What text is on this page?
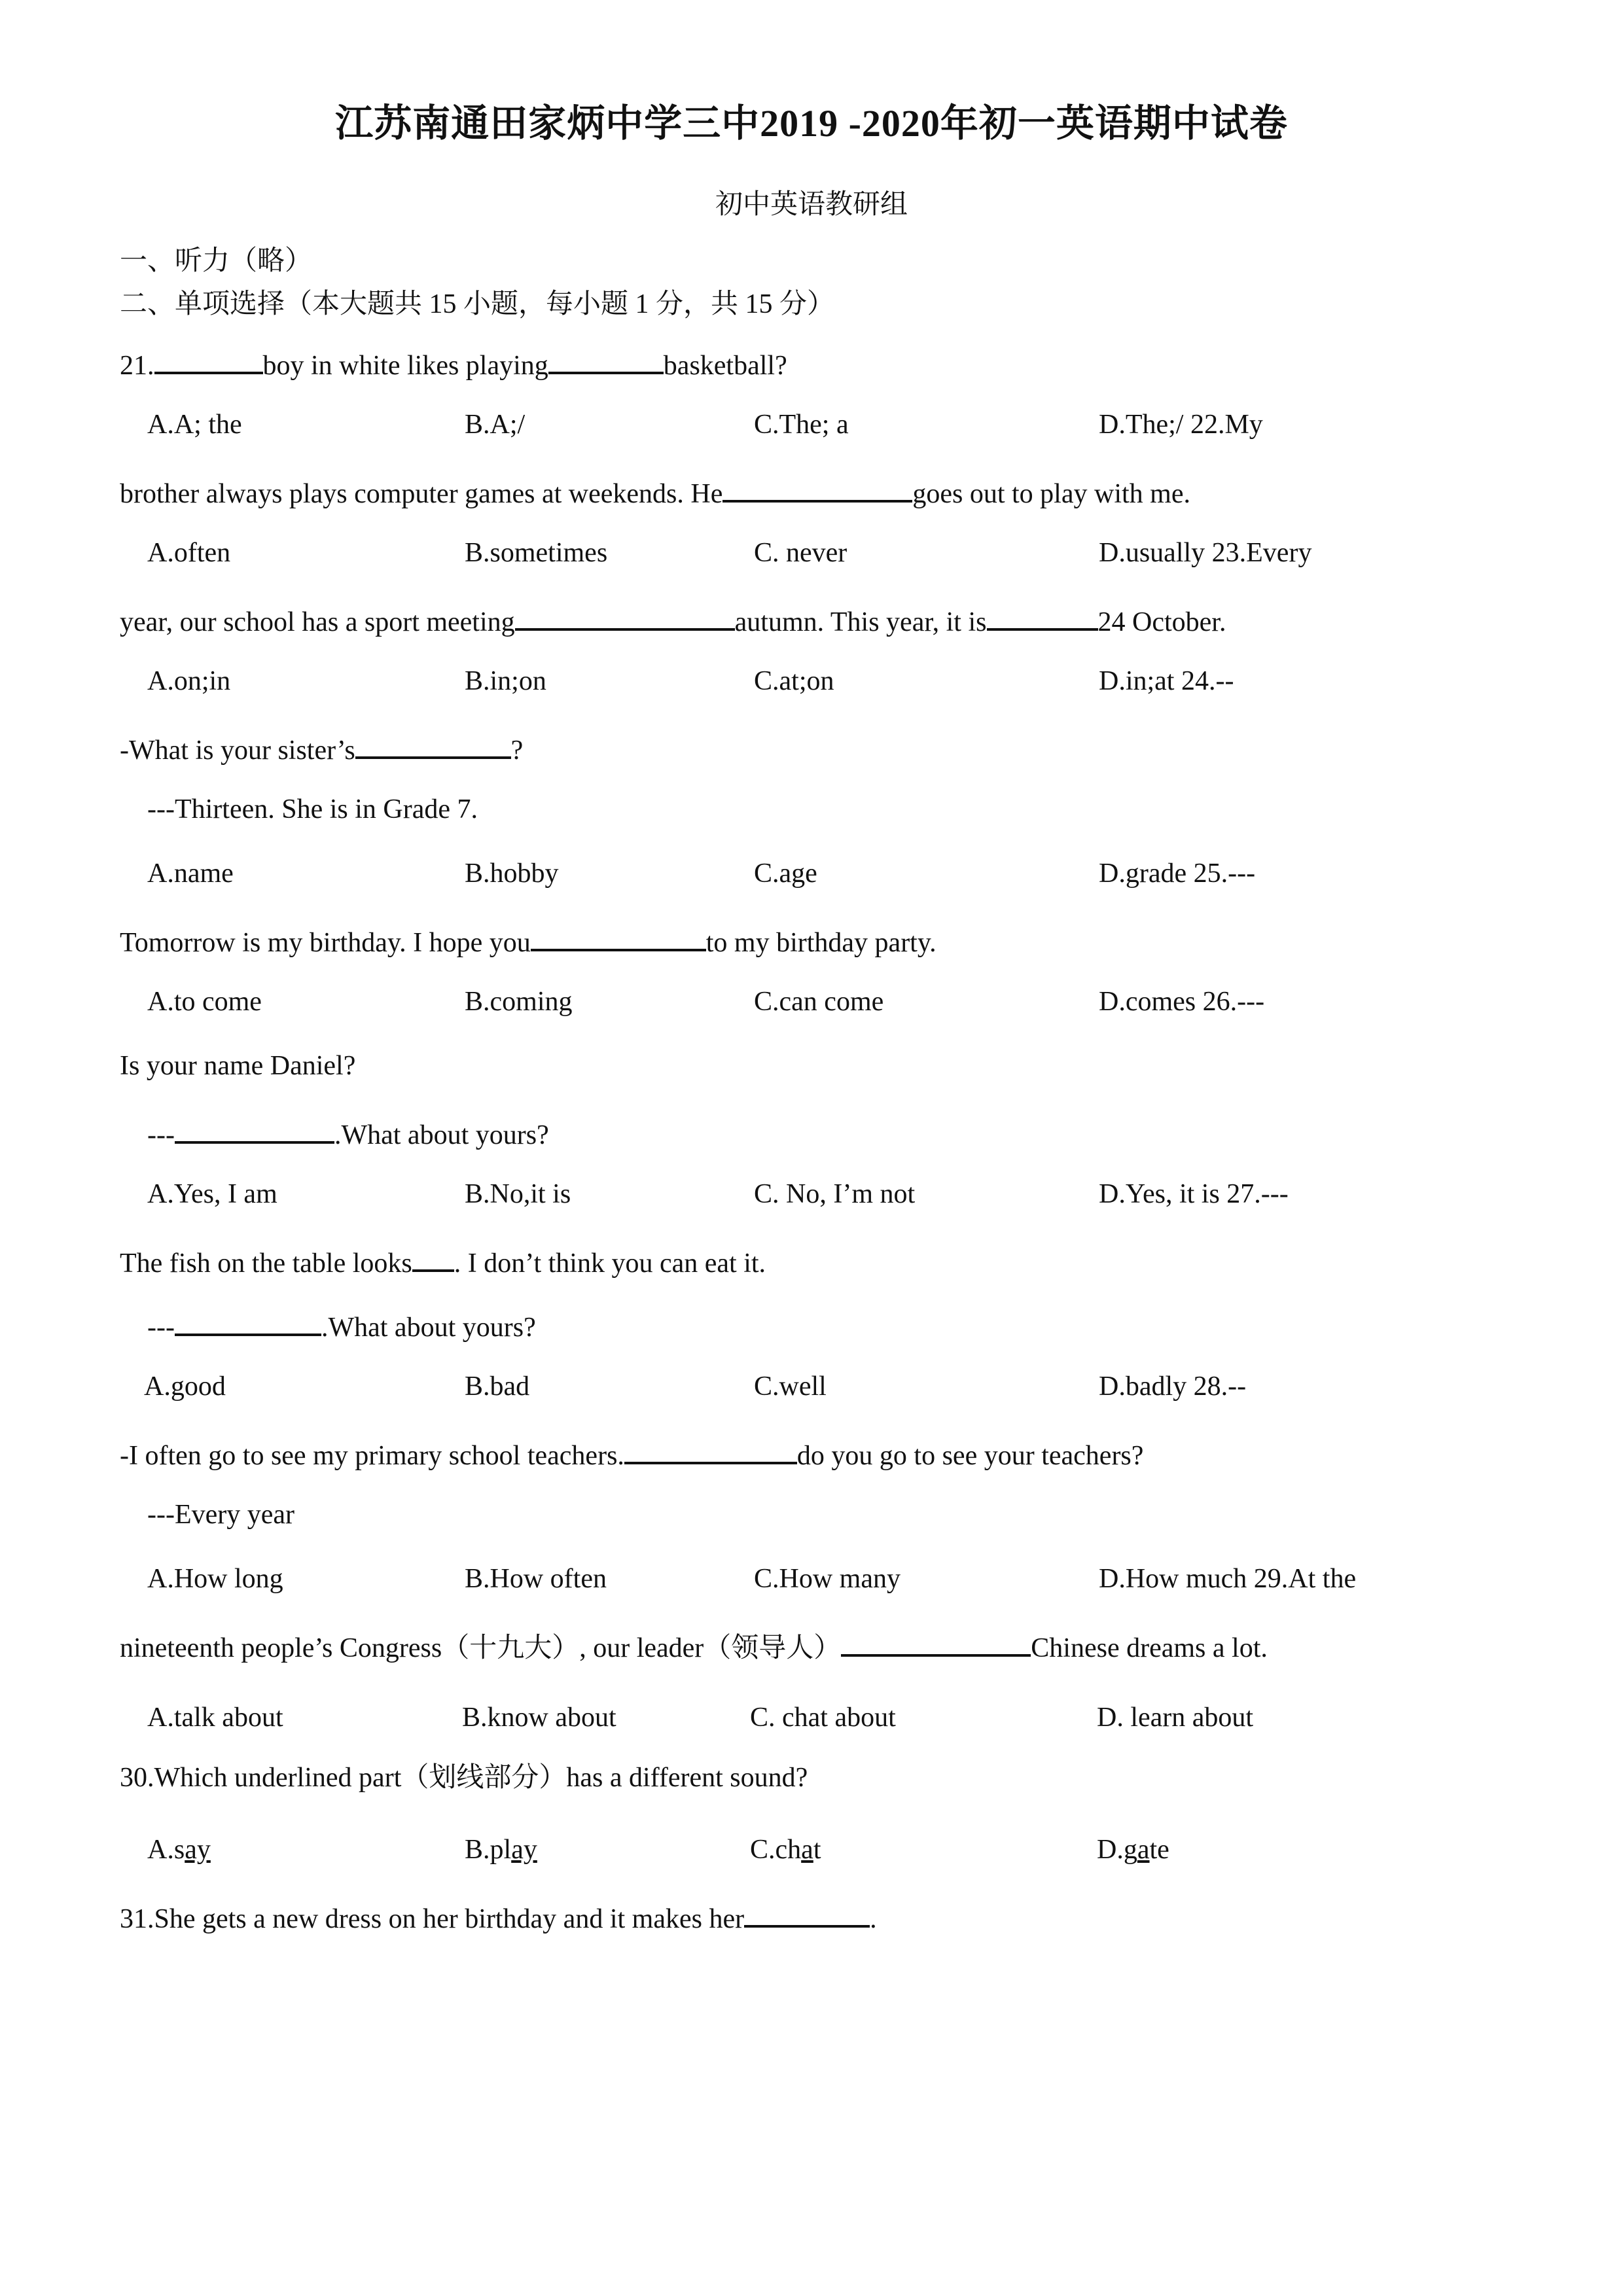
江苏南通田家炳中学三中2019 -2020年初一英语期中试卷
初中英语教研组
一、听力（略）
二、单项选择（本大题共 15 小题，每小题 1 分，共 15 分）
21.	boy in white likes playing	basketball?
A.A; the	B.A;/	C.The; a	D.The;/ 22.My
brother always plays computer games at weekends. He	goes out to play with me.
A.often	B.sometimes	C. never	D.usually 23.Every
year, our school has a sport meeting	autumn. This year, it is	24 October.
A.on;in	B.in;on	C.at;on	D.in;at 24.--
-What is your sister’s	?
---Thirteen. She is in Grade 7.
A.name	B.hobby	C.age	D.grade 25.---
Tomorrow is my birthday. I hope you	to my birthday party.
A.to come	B.coming	C.can come	D.comes 26.---
Is your name Daniel?
---	.What about yours?
A.Yes, I am	B.No,it is	C. No, I’m not	D.Yes, it is 27.---
The fish on the table looks . I don’t think you can eat it.
---	.What about yours?
A.good	B.bad	C.well	D.badly 28.--
-I often go to see my primary school teachers.	do you go to see your teachers?
---Every year
A.How long	B.How often	C.How many	D.How much 29.At the
nineteenth people’s Congress（十九大）, our leader（领导人）	Chinese dreams a lot.
A.talk about	B.know about	C. chat about	D. learn about
30.Which underlined part（划线部分）has a different sound?
A.say	B.play	C.chat	D.gate
31.She gets a new dress on her birthday and it makes her	.
